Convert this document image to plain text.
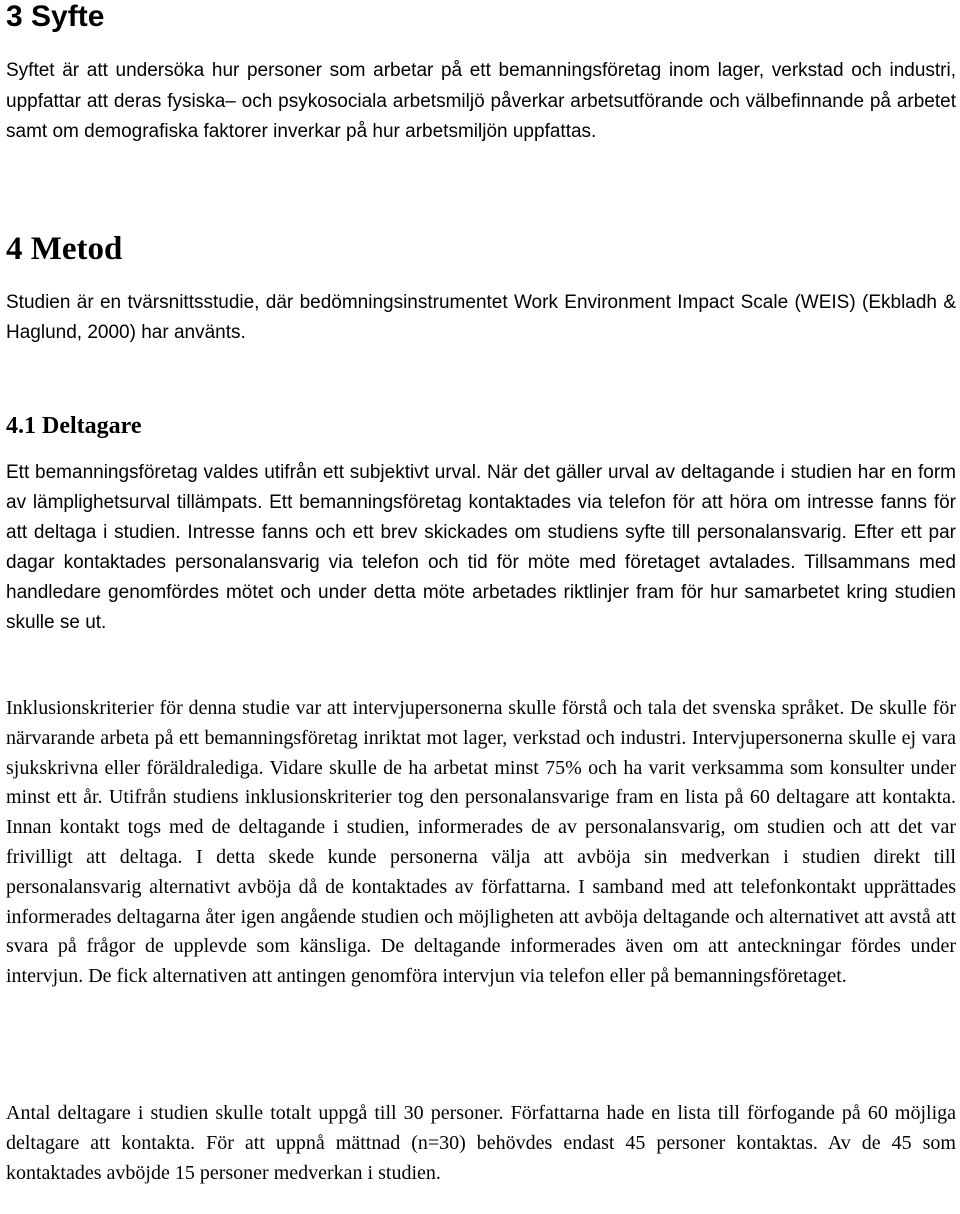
3 Syfte

Syftet är att undersöka hur personer som arbetar på ett bemanningsföretag inom lager, verkstad och industri, uppfattar att deras fysiska– och psykosociala arbetsmiljö påverkar arbetsutförande och välbefinnande på arbetet samt om demografiska faktorer inverkar på hur arbetsmiljön uppfattas.

4 Metod

Studien är en tvärsnittsstudie, där bedömningsinstrumentet Work Environment Impact Scale (WEIS) (Ekbladh & Haglund, 2000) har använts.

4.1 Deltagare

Ett bemanningsföretag valdes utifrån ett subjektivt urval. När det gäller urval av deltagande i studien har en form av lämplighetsurval tillämpats. Ett bemanningsföretag kontaktades via telefon för att höra om intresse fanns för att deltaga i studien. Intresse fanns och ett brev skickades om studiens syfte till personalansvarig. Efter ett par dagar kontaktades personalansvarig via telefon och tid för möte med företaget avtalades. Tillsammans med handledare genomfördes mötet och under detta möte arbetades riktlinjer fram för hur samarbetet kring studien skulle se ut.

Inklusionskriterier för denna studie var att intervjupersonerna skulle förstå och tala det svenska språket. De skulle för närvarande arbeta på ett bemanningsföretag inriktat mot lager, verkstad och industri. Intervjupersonerna skulle ej vara sjukskrivna eller föräldralediga. Vidare skulle de ha arbetat minst 75% och ha varit verksamma som konsulter under minst ett år. Utifrån studiens inklusionskriterier tog den personalansvarige fram en lista på 60 deltagare att kontakta. Innan kontakt togs med de deltagande i studien, informerades de av personalansvarig, om studien och att det var frivilligt att deltaga. I detta skede kunde personerna välja att avböja sin medverkan i studien direkt till personalansvarig alternativt avböja då de kontaktades av författarna. I samband med att telefonkontakt upprättades informerades deltagarna åter igen angående studien och möjligheten att avböja deltagande och alternativet att avstå att svara på frågor de upplevde som känsliga. De deltagande informerades även om att anteckningar fördes under intervjun. De fick alternativen att antingen genomföra intervjun via telefon eller på bemanningsföretaget.

Antal deltagare i studien skulle totalt uppgå till 30 personer. Författarna hade en lista till förfogande på 60 möjliga deltagare att kontakta. För att uppnå mättnad (n=30) behövdes endast 45 personer kontaktas. Av de 45 som kontaktades avböjde 15 personer medverkan i studien.
